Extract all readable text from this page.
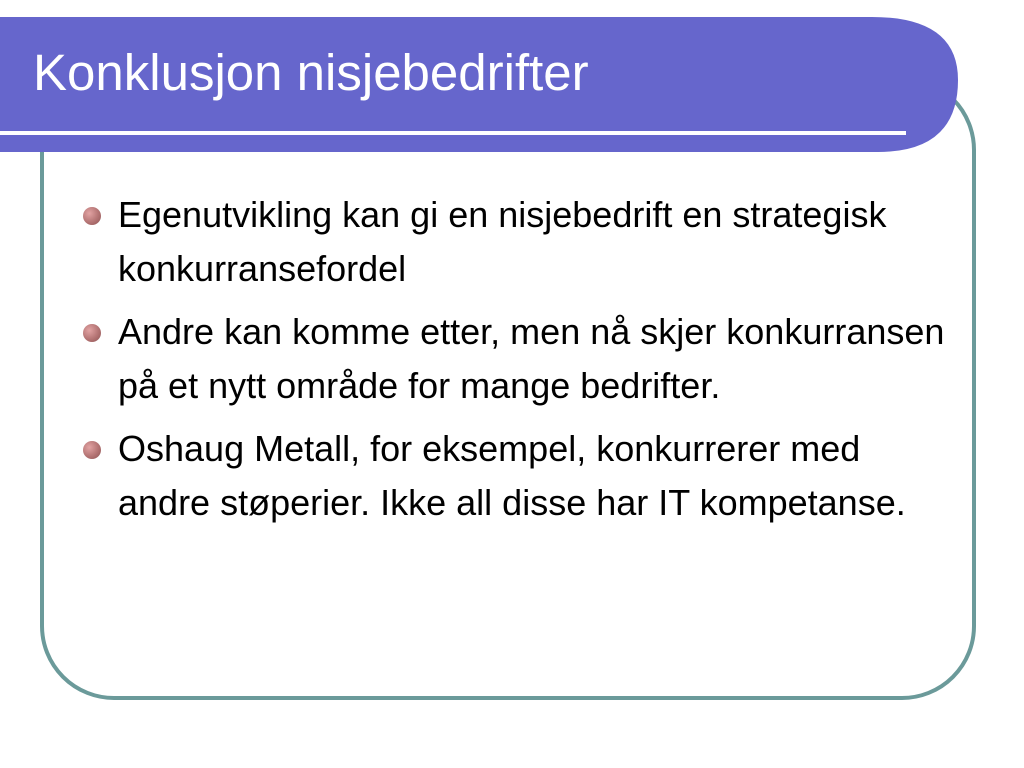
Konklusjon nisjebedrifter
Egenutvikling kan gi en nisjebedrift en strategisk konkurransefordel
Andre kan komme etter, men nå skjer konkurransen på et nytt område for mange bedrifter.
Oshaug Metall, for eksempel, konkurrerer med andre støperier. Ikke all disse har IT kompetanse.
